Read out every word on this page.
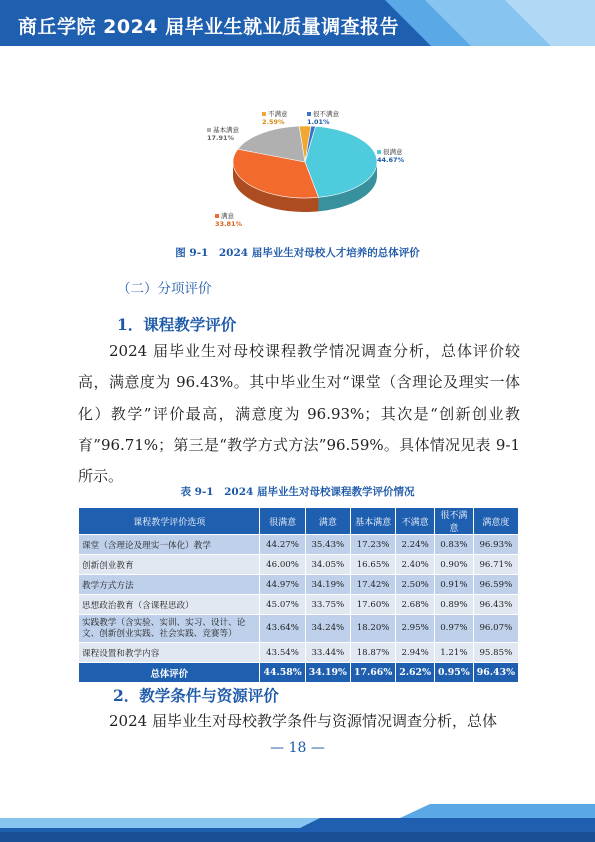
商丘学院 2024 届毕业生就业质量调查报告
很满意
44.67%
满意
33.81%
基本满意
17.91%
不满意
2.59%
很不满意
1.01%
图 9-1　2024 届毕业生对母校人才培养的总体评价
（二）分项评价
1．课程教学评价
2024 届毕业生对母校课程教学情况调查分析，总体评价较高，满意度为 96.43%。其中毕业生对“课堂（含理论及理实一体化）教学”评价最高，满意度为 96.93%；其次是“创新创业教育”96.71%；第三是“教学方式方法”96.59%。具体情况见表 9-1 所示。
表 9-1　2024 届毕业生对母校课程教学评价情况
课程教学评价选项	很满意	满意	基本满意	不满意	很不满意	满意度
课堂（含理论及理实一体化）教学	44.27%	35.43%	17.23%	2.24%	0.83%	96.93%
创新创业教育	46.00%	34.05%	16.65%	2.40%	0.90%	96.71%
教学方式方法	44.97%	34.19%	17.42%	2.50%	0.91%	96.59%
思想政治教育（含课程思政）	45.07%	33.75%	17.60%	2.68%	0.89%	96.43%
实践教学（含实验、实训、实习、设计、论文、创新创业实践、社会实践、竞赛等）	43.64%	34.24%	18.20%	2.95%	0.97%	96.07%
课程设置和教学内容	43.54%	33.44%	18.87%	2.94%	1.21%	95.85%
总体评价	44.58%	34.19%	17.66%	2.62%	0.95%	96.43%
2．教学条件与资源评价
2024 届毕业生对母校教学条件与资源情况调查分析，总体
— 18 —
